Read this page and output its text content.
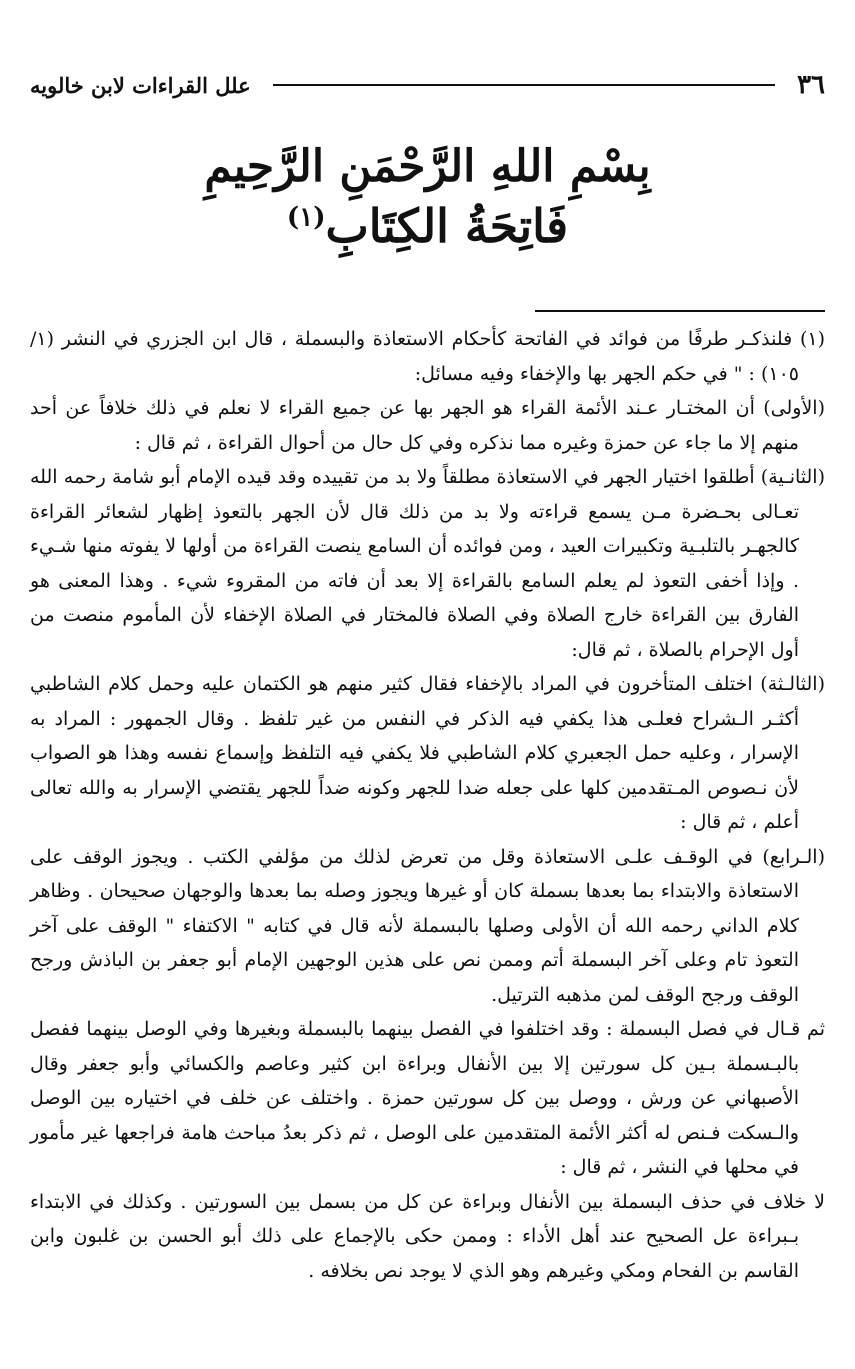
٣٦
علل القراءات لابن خالويه
بِسْمِ اللهِ الرَّحْمَنِ الرَّحِيمِ
فَاتِحَةُ الكِتَابِ$^{(١)}$

(١) فلنذكـر طرفًا من فوائد في الفاتحة كأحكام الاستعاذة والبسملة ، قال ابن الجزري في النشر (١/ ١٠٥) : " في حكم الجهر بها والإخفاء وفيه مسائل:

(الأولى) أن المختـار عـند الأئمة القراء هو الجهر بها عن جميع القراء لا نعلم في ذلك خلافاً عن أحد منهم إلا ما جاء عن حمزة وغيره مما نذكره وفي كل حال من أحوال القراءة ، ثم قال :

(الثانـية) أطلقوا اختيار الجهر في الاستعاذة مطلقاً ولا بد من تقييده وقد قيده الإمام أبو شامة رحمه الله تعـالى بحـضرة مـن يسمع قراءته ولا بد من ذلك قال لأن الجهر بالتعوذ إظهار لشعائر القراءة كالجهـر بالتلبـية وتكبيرات العيد ، ومن فوائده أن السامع ينصت القراءة من أولها لا يفوته منها شـيء . وإذا أخفى التعوذ لم يعلم السامع بالقراءة إلا بعد أن فاته من المقروء شيء . وهذا المعنى هو الفارق بين القراءة خارج الصلاة وفي الصلاة فالمختار في الصلاة الإخفاء لأن المأموم منصت من أول الإحرام بالصلاة ، ثم قال:

(الثالـثة) اختلف المتأخرون في المراد بالإخفاء فقال كثير منهم هو الكتمان عليه وحمل كلام الشاطبي أكثـر الـشراح فعلـى هذا يكفي فيه الذكر في النفس من غير تلفظ . وقال الجمهور : المراد به الإسرار ، وعليه حمل الجعبري كلام الشاطبي فلا يكفي فيه التلفظ وإسماع نفسه وهذا هو الصواب لأن نـصوص المـتقدمين كلها على جعله ضدا للجهر وكونه ضداً للجهر يقتضي الإسرار به والله تعالى أعلم ، ثم قال :

(الـرابع) في الوقـف علـى الاستعاذة وقل من تعرض لذلك من مؤلفي الكتب . ويجوز الوقف على الاستعاذة والابتداء بما بعدها بسملة كان أو غيرها ويجوز وصله بما بعدها والوجهان صحيحان . وظاهر كلام الداني رحمه الله أن الأولى وصلها بالبسملة لأنه قال في كتابه " الاكتفاء " الوقف على آخر التعوذ تام وعلى آخر البسملة أتم وممن نص على هذين الوجهين الإمام أبو جعفر بن الباذش ورجح الوقف ورجح الوقف لمن مذهبه الترتيل.

ثم قـال في فصل البسملة : وقد اختلفوا في الفصل بينهما بالبسملة وبغيرها وفي الوصل بينهما ففصل بالبـسملة بـين كل سورتين إلا بين الأنفال وبراءة ابن كثير وعاصم والكسائي وأبو جعفر وقال الأصبهاني عن ورش ، ووصل بين كل سورتين حمزة . واختلف عن خلف في اختياره بين الوصل والـسكت فـنص له أكثر الأئمة المتقدمين على الوصل ، ثم ذكر بعدُ مباحث هامة فراجعها غير مأمور في محلها في النشر ، ثم قال :

لا خلاف في حذف البسملة بين الأنفال وبراءة عن كل من بسمل بين السورتين . وكذلك في الابتداء بـبراءة عل الصحيح عند أهل الأداء : وممن حكى بالإجماع على ذلك أبو الحسن بن غلبون وابن القاسم بن الفحام ومكي وغيرهم وهو الذي لا يوجد نص بخلافه .
